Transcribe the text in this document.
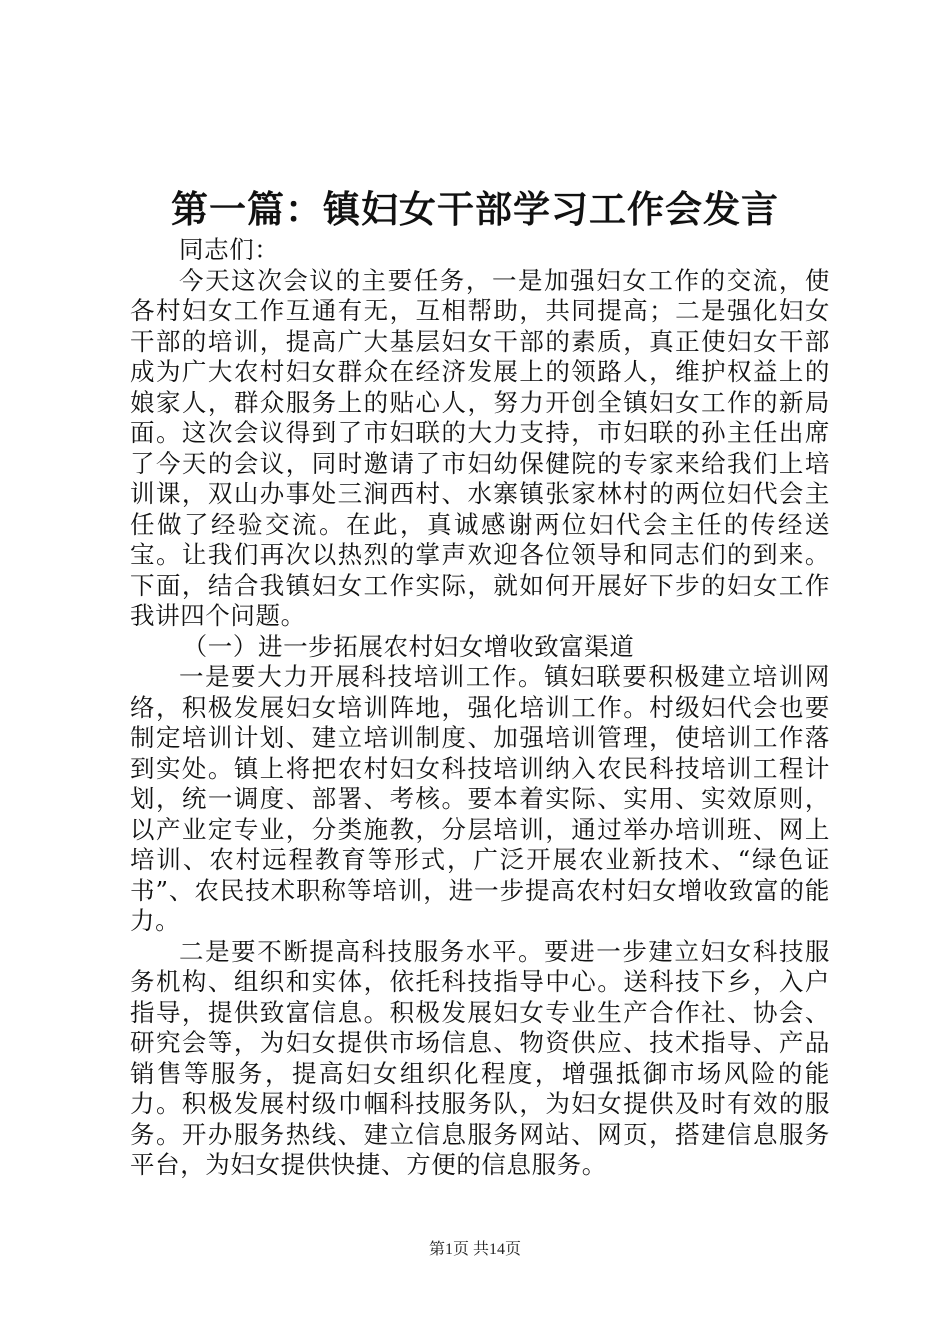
第一篇：镇妇女干部学习工作会发言

同志们：

今天这次会议的主要任务，一是加强妇女工作的交流，使各村妇女工作互通有无，互相帮助，共同提高；二是强化妇女干部的培训，提高广大基层妇女干部的素质，真正使妇女干部成为广大农村妇女群众在经济发展上的领路人，维护权益上的娘家人，群众服务上的贴心人，努力开创全镇妇女工作的新局面。这次会议得到了市妇联的大力支持，市妇联的孙主任出席了今天的会议，同时邀请了市妇幼保健院的专家来给我们上培训课，双山办事处三涧西村、水寨镇张家林村的两位妇代会主任做了经验交流。在此，真诚感谢两位妇代会主任的传经送宝。让我们再次以热烈的掌声欢迎各位领导和同志们的到来。下面，结合我镇妇女工作实际，就如何开展好下步的妇女工作我讲四个问题。

（一）进一步拓展农村妇女增收致富渠道

一是要大力开展科技培训工作。镇妇联要积极建立培训网络，积极发展妇女培训阵地，强化培训工作。村级妇代会也要制定培训计划、建立培训制度、加强培训管理，使培训工作落到实处。镇上将把农村妇女科技培训纳入农民科技培训工程计划，统一调度、部署、考核。要本着实际、实用、实效原则，以产业定专业，分类施教，分层培训，通过举办培训班、网上培训、农村远程教育等形式，广泛开展农业新技术、“绿色证书”、农民技术职称等培训，进一步提高农村妇女增收致富的能力。

二是要不断提高科技服务水平。要进一步建立妇女科技服务机构、组织和实体，依托科技指导中心。送科技下乡，入户指导，提供致富信息。积极发展妇女专业生产合作社、协会、研究会等，为妇女提供市场信息、物资供应、技术指导、产品销售等服务，提高妇女组织化程度，增强抵御市场风险的能力。积极发展村级巾帼科技服务队，为妇女提供及时有效的服务。开办服务热线、建立信息服务网站、网页，搭建信息服务平台，为妇女提供快捷、方便的信息服务。

第1页 共14页
